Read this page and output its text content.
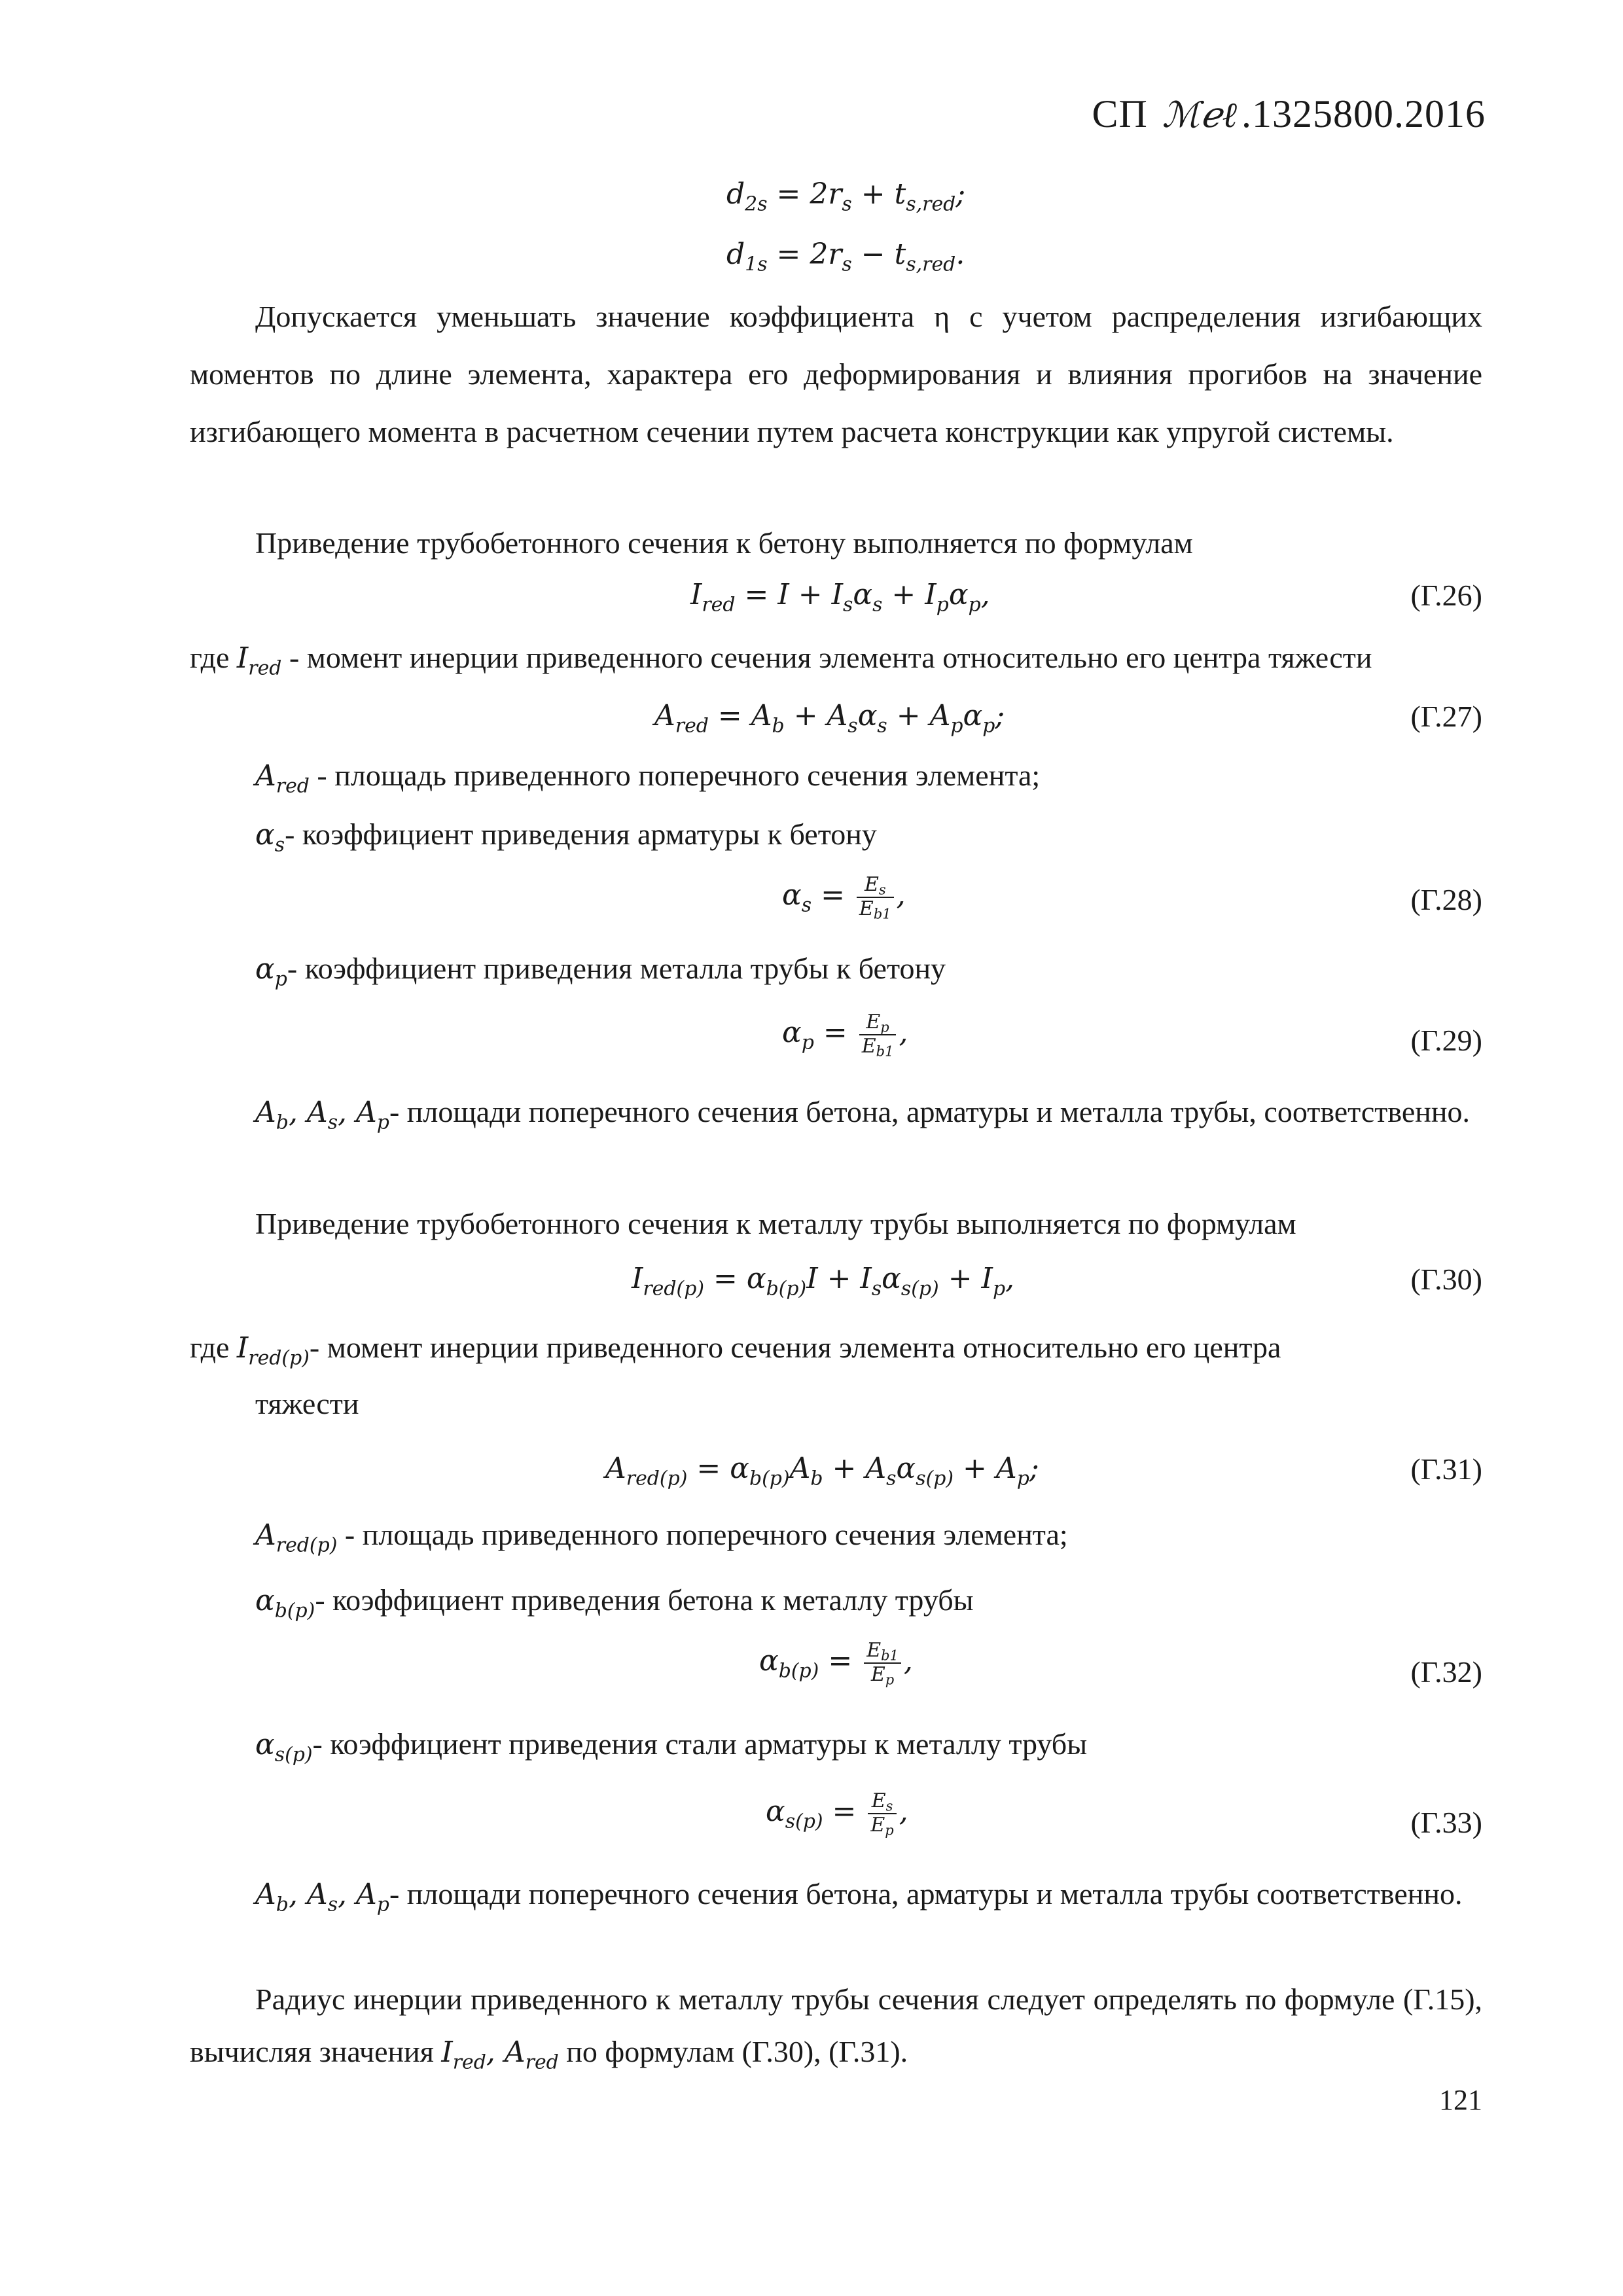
СП ℳℯℓ .1325800.2016
$d_{2s} = 2r_s + t_{s,red}$;
$d_{1s} = 2r_s - t_{s,red}$.
Допускается уменьшать значение коэффициента η с учетом распределения изгибающих моментов по длине элемента, характера его деформирования и влияния прогибов на значение изгибающего момента в расчетном сечении путем расчета конструкции как упругой системы.
Приведение трубобетонного сечения к бетону выполняется по формулам
$I_{red} = I + I_s\alpha_s + I_p\alpha_p$,	(Г.26)
где $I_{red}$ - момент инерции приведенного сечения элемента относительно его центра тяжести
$A_{red} = A_b + A_s\alpha_s + A_p\alpha_p$;	(Г.27)
$A_{red}$ - площадь приведенного поперечного сечения элемента;
$\alpha_s-$ коэффициент приведения арматуры к бетону
$\alpha_s = \frac{E_s}{E_{b1}}$ ,	(Г.28)
$\alpha_p-$ коэффициент приведения металла трубы к бетону
$\alpha_p = \frac{E_p}{E_{b1}}$ ,	(Г.29)
$A_b$, $A_s$, $A_p-$ площади поперечного сечения бетона, арматуры и металла трубы, соответственно.
Приведение трубобетонного сечения к металлу трубы выполняется по формулам
$I_{red(p)} = \alpha_{b(p)}I + I_s\alpha_{s(p)} + I_p$,	(Г.30)
где $I_{red(p)}-$ момент инерции приведенного сечения элемента относительно его центра
тяжести
$A_{red(p)} = \alpha_{b(p)}A_b + A_s\alpha_{s(p)} + A_p$;	(Г.31)
$A_{red(p)}$ - площадь приведенного поперечного сечения элемента;
$\alpha_{b(p)}-$ коэффициент приведения бетона к металлу трубы
$\alpha_{b(p)} = \frac{E_{b1}}{E_p}$ ,	(Г.32)
$\alpha_{s(p)}-$ коэффициент приведения стали арматуры к металлу трубы
$\alpha_{s(p)} = \frac{E_s}{E_p}$ ,	(Г.33)
$A_b$, $A_s$, $A_p-$ площади поперечного сечения бетона, арматуры и металла трубы соответственно.
Радиус инерции приведенного к металлу трубы сечения следует определять по формуле (Г.15), вычисляя значения $I_{red}$, $A_{red}$ по формулам (Г.30), (Г.31).
121
